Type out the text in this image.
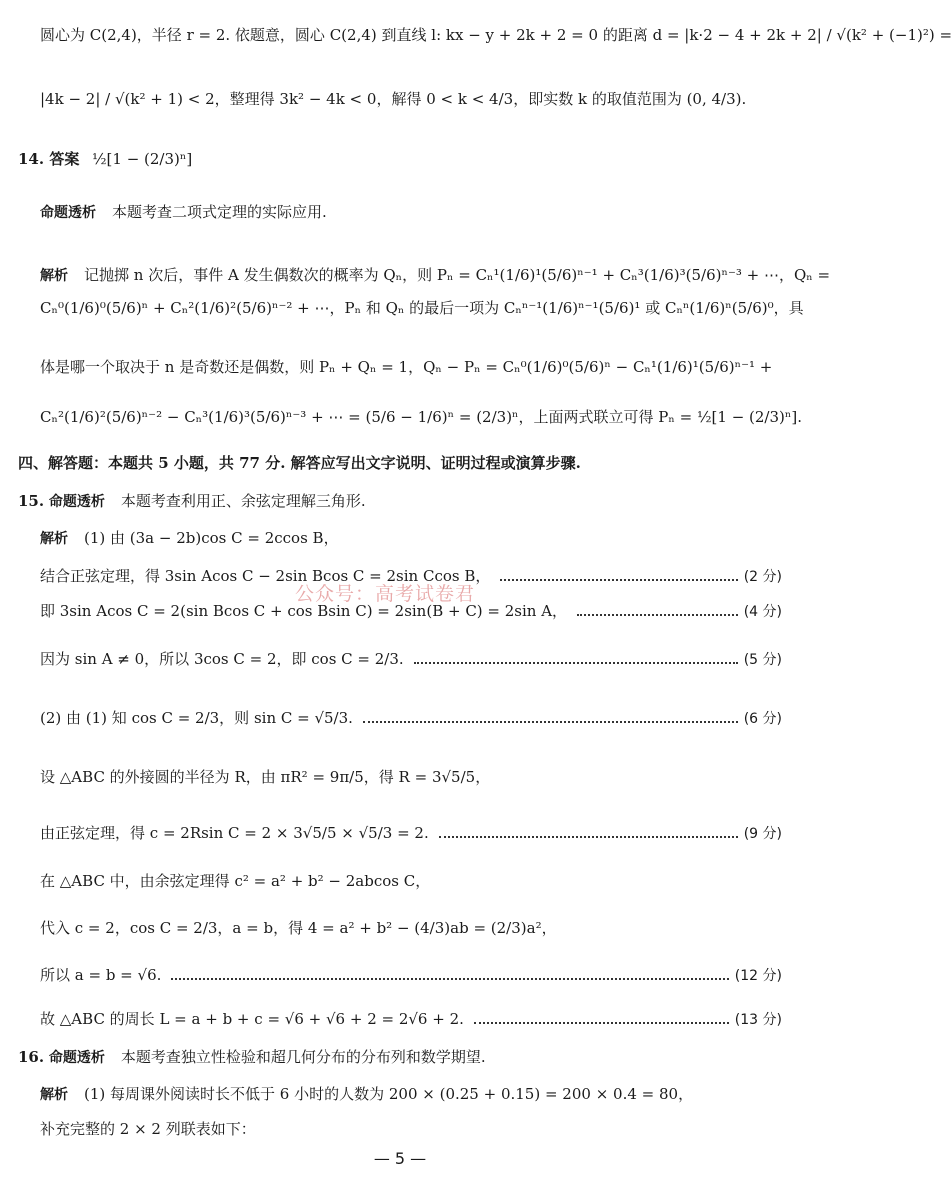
圆心为 C(2,4)，半径 r = 2. 依题意，圆心 C(2,4) 到直线 l: kx − y + 2k + 2 = 0 的距离 d = |k·2 − 4 + 2k + 2| / √(k² + (−1)²) =
|4k − 2| / √(k² + 1) < 2，整理得 3k² − 4k < 0，解得 0 < k < 4/3，即实数 k 的取值范围为 (0, 4/3).
14. 答案 ½[1 − (2/3)ⁿ]
命题透析 本题考查二项式定理的实际应用.
解析 记抛掷 n 次后，事件 A 发生偶数次的概率为 Qₙ，则 Pₙ = Cₙ¹(1/6)¹(5/6)ⁿ⁻¹ + Cₙ³(1/6)³(5/6)ⁿ⁻³ + ⋯，Qₙ =
Cₙ⁰(1/6)⁰(5/6)ⁿ + Cₙ²(1/6)²(5/6)ⁿ⁻² + ⋯，Pₙ 和 Qₙ 的最后一项为 Cₙⁿ⁻¹(1/6)ⁿ⁻¹(5/6)¹ 或 Cₙⁿ(1/6)ⁿ(5/6)⁰，具
体是哪一个取决于 n 是奇数还是偶数，则 Pₙ + Qₙ = 1，Qₙ − Pₙ = Cₙ⁰(1/6)⁰(5/6)ⁿ − Cₙ¹(1/6)¹(5/6)ⁿ⁻¹ +
Cₙ²(1/6)²(5/6)ⁿ⁻² − Cₙ³(1/6)³(5/6)ⁿ⁻³ + ⋯ = (5/6 − 1/6)ⁿ = (2/3)ⁿ，上面两式联立可得 Pₙ = ½[1 − (2/3)ⁿ].
四、解答题：本题共 5 小题，共 77 分. 解答应写出文字说明、证明过程或演算步骤.
15. 命题透析 本题考查利用正、余弦定理解三角形.
解析 (1) 由 (3a − 2b)cos C = 2ccos B，
结合正弦定理，得 3sin Acos C − 2sin Bcos C = 2sin Ccos B，	(2 分)
即 3sin Acos C = 2(sin Bcos C + cos Bsin C) = 2sin(B + C) = 2sin A，	(4 分)
因为 sin A ≠ 0，所以 3cos C = 2，即 cos C = 2/3.	(5 分)
(2) 由 (1) 知 cos C = 2/3，则 sin C = √5/3.	(6 分)
设 △ABC 的外接圆的半径为 R，由 πR² = 9π/5，得 R = 3√5/5，
由正弦定理，得 c = 2Rsin C = 2 × 3√5/5 × √5/3 = 2.	(9 分)
在 △ABC 中，由余弦定理得 c² = a² + b² − 2abcos C，
代入 c = 2，cos C = 2/3，a = b，得 4 = a² + b² − (4/3)ab = (2/3)a²，
所以 a = b = √6.	(12 分)
故 △ABC 的周长 L = a + b + c = √6 + √6 + 2 = 2√6 + 2.	(13 分)
16. 命题透析 本题考查独立性检验和超几何分布的分布列和数学期望.
解析 (1) 每周课外阅读时长不低于 6 小时的人数为 200 × (0.25 + 0.15) = 200 × 0.4 = 80，
补充完整的 2 × 2 列联表如下：
公众号：高考试卷君
— 5 —
